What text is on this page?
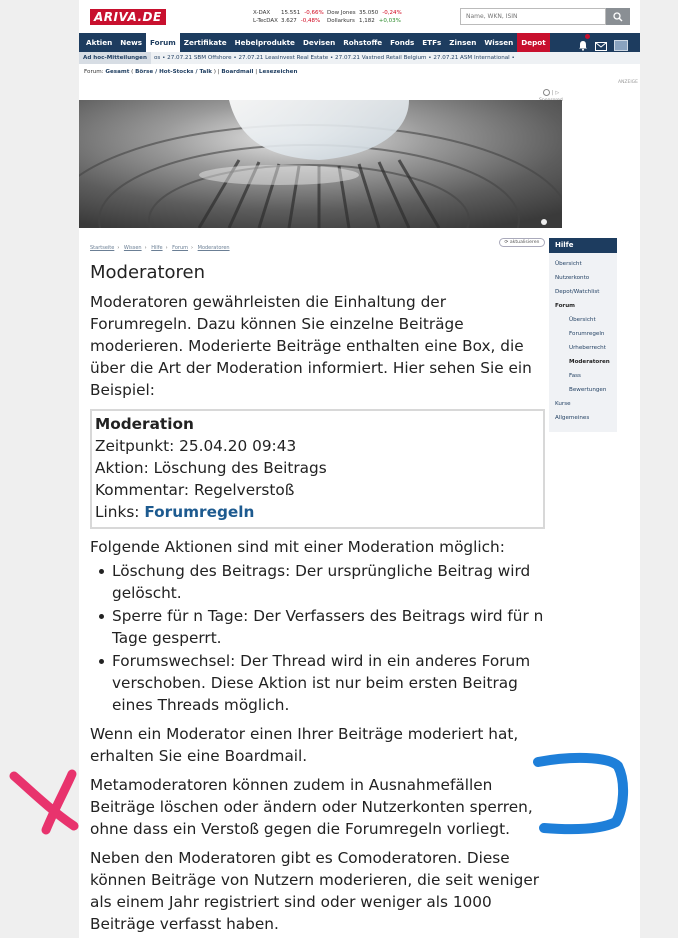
ARIVA.DE	X-DAX	15.551 -0,66%
L-TecDAX 3.627 -0,48%
Dow Jones 35.050 -0,24%
Dollarkurs 1,182 +0,03%
Name, WKN, ISIN
Aktien	News	Forum	Zertifikate	Hebelprodukte	Devisen	Rohstoffe	Fonds	ETFs	Zinsen	Wissen	Depot
Ad hoc-Mitteilungen	os • 27.07.21 SBM Offshore • 27.07.21 Leasinvest Real Estate • 27.07.21 Vastned Retail Belgium • 27.07.21 ASM International •
Forum: Gesamt ( Börse / Hot-Stocks / Talk ) | Boardmail | Lesezeichen
ANZEIGE
| ▷
Startseite › Wissen › Hilfe › Forum › Moderatoren
⟳ aktualisieren
Moderatoren

Moderatoren gewährleisten die Einhaltung der Forumregeln. Dazu können Sie einzelne Beiträge moderieren. Moderierte Beiträge enthalten eine Box, die über die Art der Moderation informiert. Hier sehen Sie ein Beispiel:

Moderation

Zeitpunkt: 25.04.20 09:43

Aktion: Löschung des Beitrags

Kommentar: Regelverstoß

Links: Forumregeln

Folgende Aktionen sind mit einer Moderation möglich:

Löschung des Beitrags: Der ursprüngliche Beitrag wird gelöscht.
Sperre für n Tage: Der Verfassers des Beitrags wird für n Tage gesperrt.
Forumswechsel: Der Thread wird in ein anderes Forum verschoben. Diese Aktion ist nur beim ersten Beitrag eines Threads möglich.

Wenn ein Moderator einen Ihrer Beiträge moderiert hat, erhalten Sie eine Boardmail.

Metamoderatoren können zudem in Ausnahmefällen Beiträge löschen oder ändern oder Nutzerkonten sperren, ohne dass ein Verstoß gegen die Forumregeln vorliegt.

Neben den Moderatoren gibt es Comoderatoren. Diese können Beiträge von Nutzern moderieren, die seit weniger als einem Jahr registriert sind oder weniger als 1000 Beiträge verfasst haben.

Hilfe
Übersicht
Nutzerkonto
Depot/Watchlist
Forum
Übersicht
Forumregeln
Urheberrecht
Moderatoren
Fass
Bewertungen
Kurse
Allgemeines
